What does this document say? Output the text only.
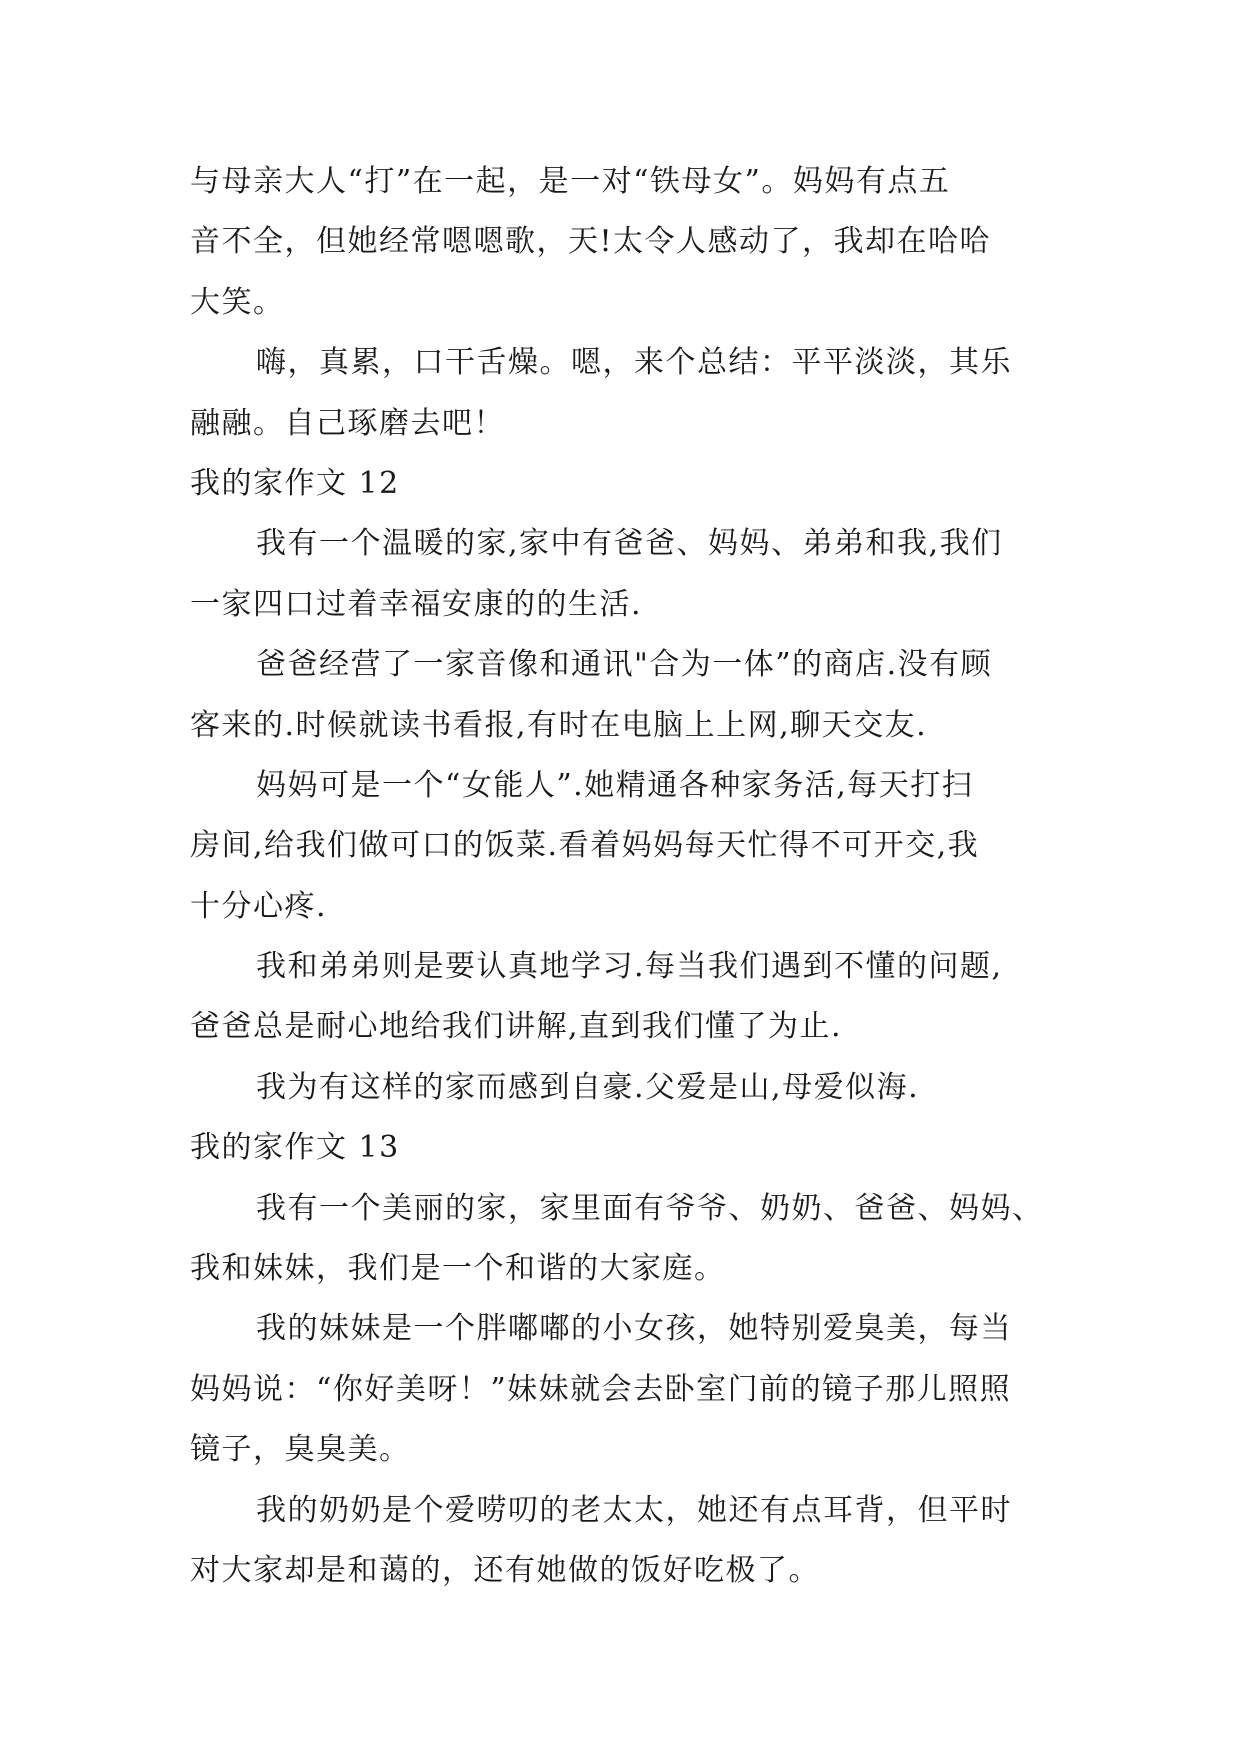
与母亲大人“打”在一起，是一对“铁母女”。妈妈有点五
音不全，但她经常嗯嗯歌，天!太令人感动了，我却在哈哈
大笑。
嗨，真累，口干舌燥。嗯，来个总结：平平淡淡，其乐
融融。自己琢磨去吧！
我的家作文 12
我有一个温暖的家,家中有爸爸、妈妈、弟弟和我,我们
一家四口过着幸福安康的的生活.
爸爸经营了一家音像和通讯"合为一体”的商店.没有顾
客来的.时候就读书看报,有时在电脑上上网,聊天交友.
妈妈可是一个“女能人”.她精通各种家务活,每天打扫
房间,给我们做可口的饭菜.看着妈妈每天忙得不可开交,我
十分心疼.
我和弟弟则是要认真地学习.每当我们遇到不懂的问题,
爸爸总是耐心地给我们讲解,直到我们懂了为止.
我为有这样的家而感到自豪.父爱是山,母爱似海.
我的家作文 13
我有一个美丽的家，家里面有爷爷、奶奶、爸爸、妈妈、
我和妹妹，我们是一个和谐的大家庭。
我的妹妹是一个胖嘟嘟的小女孩，她特别爱臭美，每当
妈妈说：“你好美呀！”妹妹就会去卧室门前的镜子那儿照照
镜子，臭臭美。
我的奶奶是个爱唠叨的老太太，她还有点耳背，但平时
对大家却是和蔼的，还有她做的饭好吃极了。
